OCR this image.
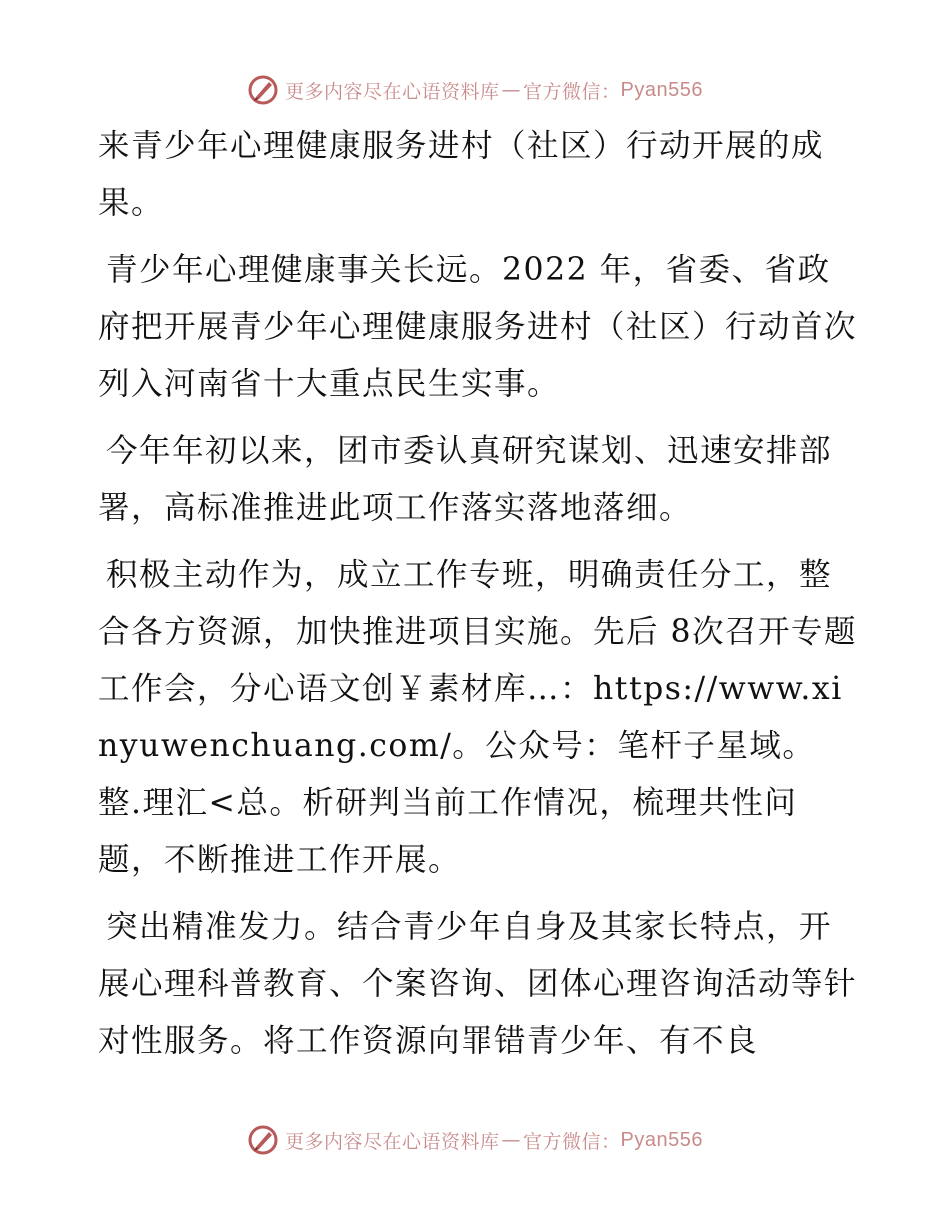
更多内容尽在心语资料库 — 官方微信： Pyan556

来青少年心理健康服务进村（社区）行动开展的成果。

青少年心理健康事关长远。2022 年，省委、省政府把开展青少年心理健康服务进村（社区）行动首次列入河南省十大重点民生实事。

今年年初以来，团市委认真研究谋划、迅速安排部署，高标准推进此项工作落实落地落细。

积极主动作为，成立工作专班，明确责任分工，整合各方资源，加快推进项目实施。先后 8次召开专题工作会，分心语文创￥素材库…：https://www.xinyuwenchuang.com/。公众号：笔杆子星域。整.理汇<总。析研判当前工作情况，梳理共性问题，不断推进工作开展。

突出精准发力。结合青少年自身及其家长特点，开展心理科普教育、个案咨询、团体心理咨询活动等针对性服务。将工作资源向罪错青少年、有不良

更多内容尽在心语资料库 — 官方微信： Pyan556
